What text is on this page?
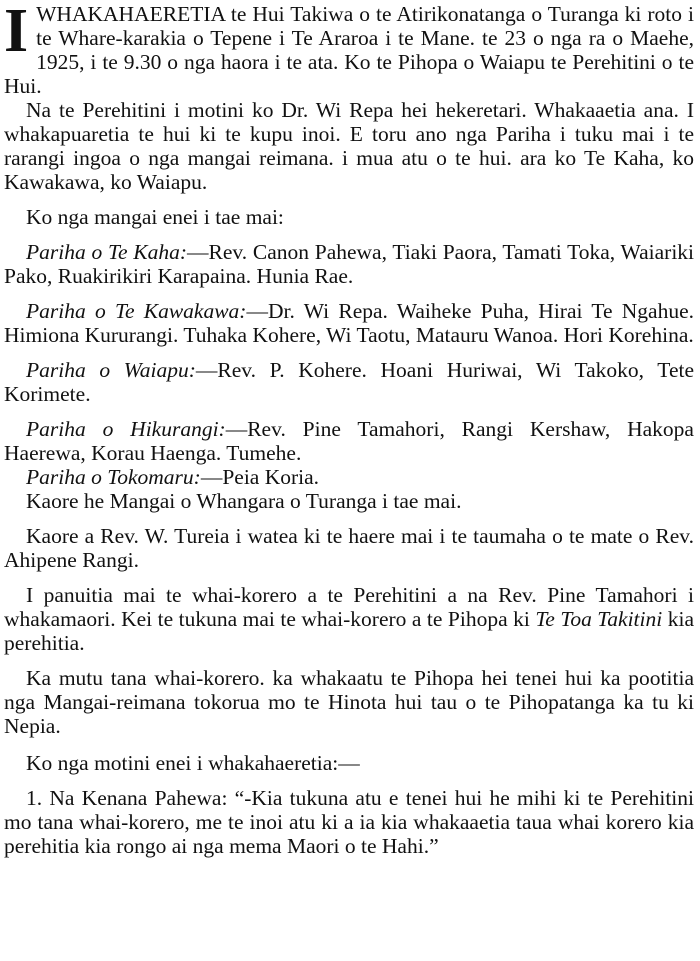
I WHAKAHAERETIA te Hui Takiwa o te Atirikonatanga o Turanga ki roto i te Whare-karakia o Tepene i Te Araroa i te Mane. te 23 o nga ra o Maehe, 1925, i te 9.30 o nga haora i te ata. Ko te Pihopa o Waiapu te Perehitini o te Hui.

Na te Perehitini i motini ko Dr. Wi Repa hei hekeretari. Whakaaetia ana. I whakapuaretia te hui ki te kupu inoi. E toru ano nga Pariha i tuku mai i te rarangi ingoa o nga mangai reimana. i mua atu o te hui. ara ko Te Kaha, ko Kawakawa, ko Waiapu.

Ko nga mangai enei i tae mai:

Pariha o Te Kaha:—Rev. Canon Pahewa, Tiaki Paora, Tamati Toka, Waiariki Pako, Ruakirikiri Karapaina. Hunia Rae.

Pariha o Te Kawakawa:—Dr. Wi Repa. Waiheke Puha, Hirai Te Ngahue. Himiona Kururangi. Tuhaka Kohere, Wi Taotu, Matauru Wanoa. Hori Korehina.

Pariha o Waiapu:—Rev. P. Kohere. Hoani Huriwai, Wi Takoko, Tete Korimete.

Pariha o Hikurangi:—Rev. Pine Tamahori, Rangi Kershaw, Hakopa Haerewa, Korau Haenga. Tumehe.

Pariha o Tokomaru:—Peia Koria.

Kaore he Mangai o Whangara o Turanga i tae mai.

Kaore a Rev. W. Tureia i watea ki te haere mai i te taumaha o te mate o Rev. Ahipene Rangi.

I panuitia mai te whai-korero a te Perehitini a na Rev. Pine Tamahori i whakamaori. Kei te tukuna mai te whai-korero a te Pihopa ki Te Toa Takitini kia perehitia.

Ka mutu tana whai-korero. ka whakaatu te Pihopa hei tenei hui ka pootitia nga Mangai-reimana tokorua mo te Hinota hui tau o te Pihopatanga ka tu ki Nepia.

Ko nga motini enei i whakahaeretia:—

1. Na Kenana Pahewa: “-Kia tukuna atu e tenei hui he mihi ki te Perehitini mo tana whai-korero, me te inoi atu ki a ia kia whakaaetia taua whai korero kia perehitia kia rongo ai nga mema Maori o te Hahi.”
